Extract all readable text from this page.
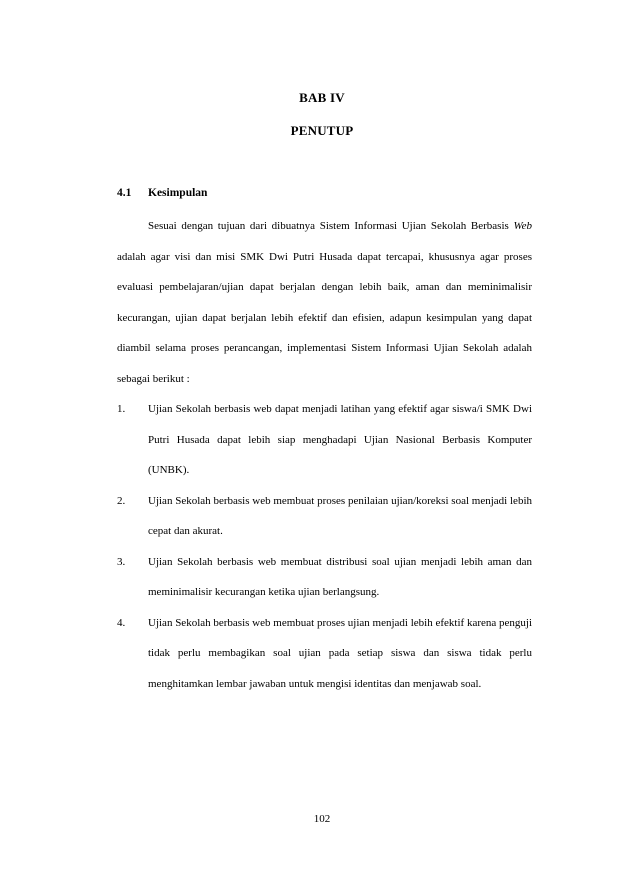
BAB IV
PENUTUP
4.1 Kesimpulan

Sesuai dengan tujuan dari dibuatnya Sistem Informasi Ujian Sekolah Berbasis Web adalah agar visi dan misi SMK Dwi Putri Husada dapat tercapai, khususnya agar proses evaluasi pembelajaran/ujian dapat berjalan dengan lebih baik, aman dan meminimalisir kecurangan, ujian dapat berjalan lebih efektif dan efisien, adapun kesimpulan yang dapat diambil selama proses perancangan, implementasi Sistem Informasi Ujian Sekolah adalah sebagai berikut :

1.	Ujian Sekolah berbasis web dapat menjadi latihan yang efektif agar siswa/i SMK Dwi Putri Husada dapat lebih siap menghadapi Ujian Nasional Berbasis Komputer (UNBK).
2.	Ujian Sekolah berbasis web membuat proses penilaian ujian/koreksi soal menjadi lebih cepat dan akurat.
3.	Ujian Sekolah berbasis web membuat distribusi soal ujian menjadi lebih aman dan meminimalisir kecurangan ketika ujian berlangsung.
4.	Ujian Sekolah berbasis web membuat proses ujian menjadi lebih efektif karena penguji tidak perlu membagikan soal ujian pada setiap siswa dan siswa tidak perlu menghitamkan lembar jawaban untuk mengisi identitas dan menjawab soal.
102
